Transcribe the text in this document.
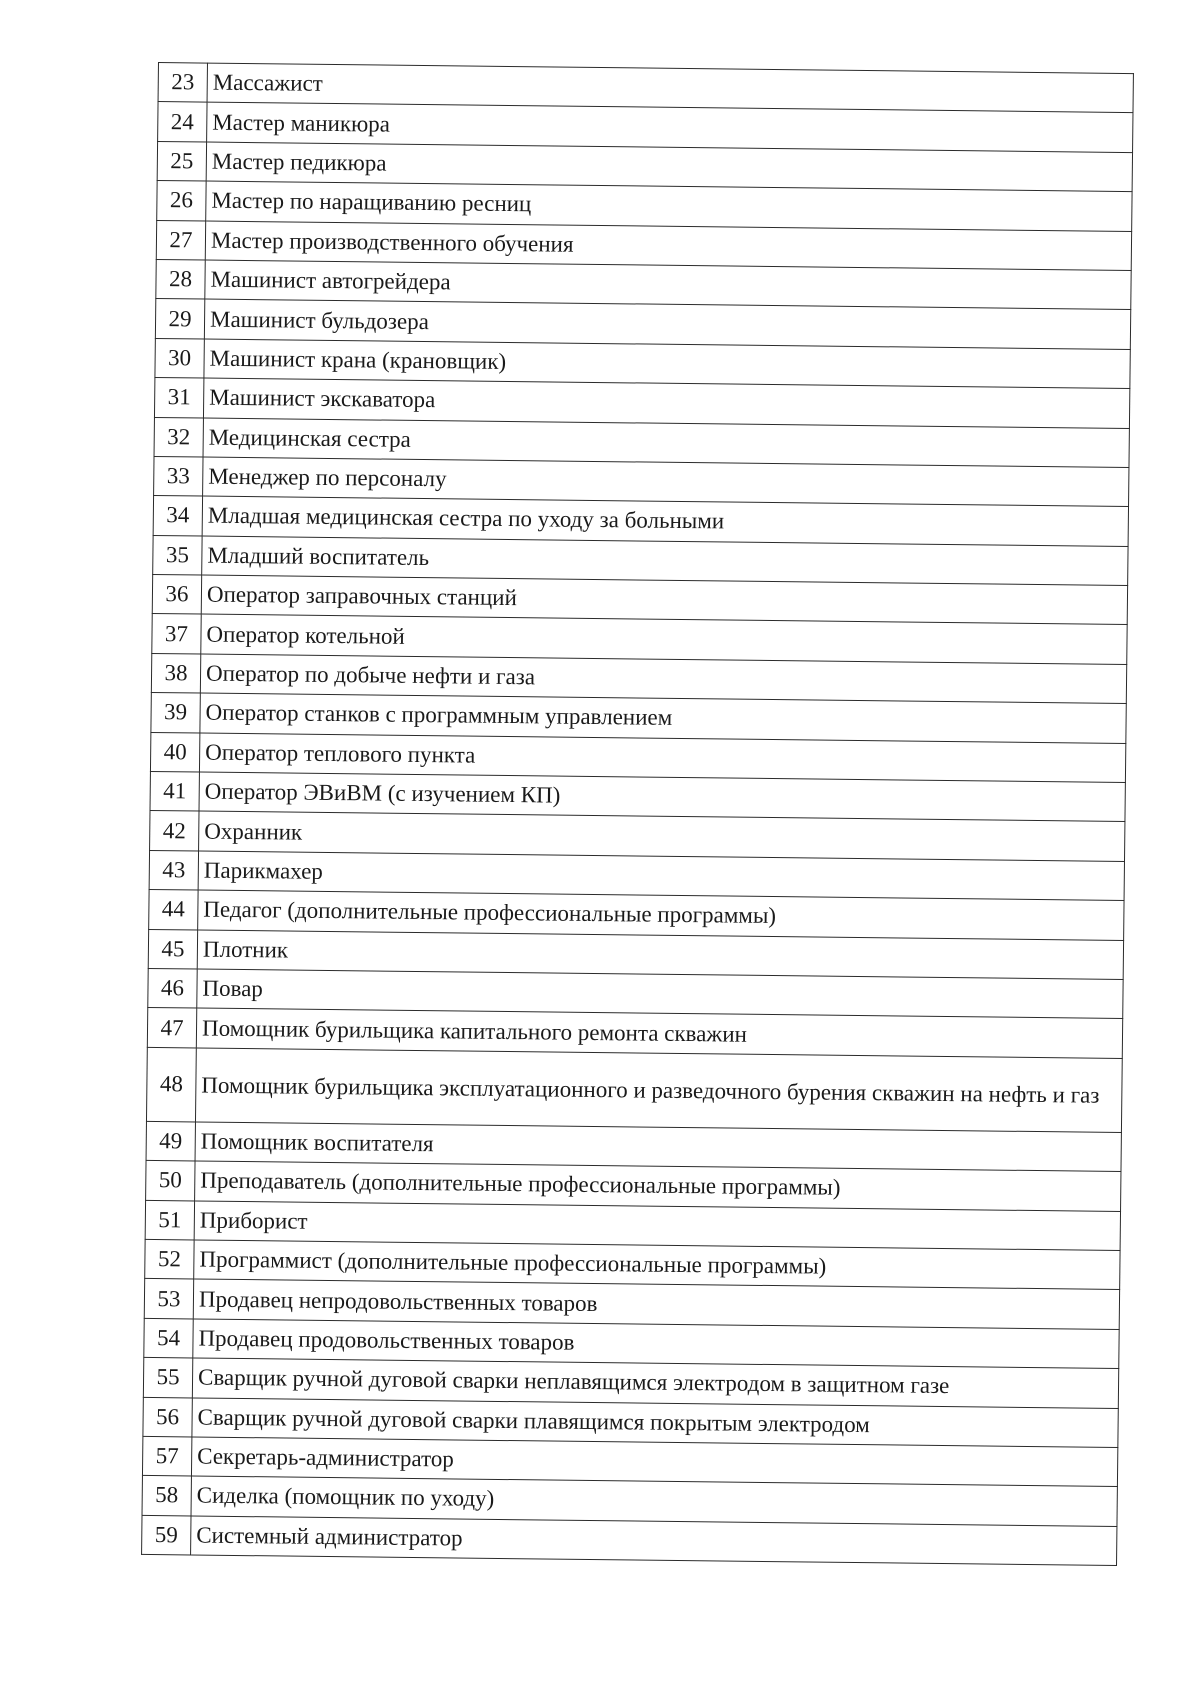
23	Массажист
24	Мастер маникюра
25	Мастер педикюра
26	Мастер по наращиванию ресниц
27	Мастер производственного обучения
28	Машинист автогрейдера
29	Машинист бульдозера
30	Машинист крана (крановщик)
31	Машинист экскаватора
32	Медицинская сестра
33	Менеджер по персоналу
34	Младшая медицинская сестра по уходу за больными
35	Младший воспитатель
36	Оператор заправочных станций
37	Оператор котельной
38	Оператор по добыче нефти и газа
39	Оператор станков с программным управлением
40	Оператор теплового пункта
41	Оператор ЭВиВМ (с изучением КП)
42	Охранник
43	Парикмахер
44	Педагог (дополнительные профессиональные программы)
45	Плотник
46	Повар
47	Помощник бурильщика капитального ремонта скважин
48	Помощник бурильщика эксплуатационного и разведочного бурения скважин на нефть и газ
49	Помощник воспитателя
50	Преподаватель (дополнительные профессиональные программы)
51	Приборист
52	Программист (дополнительные профессиональные программы)
53	Продавец непродовольственных товаров
54	Продавец продовольственных товаров
55	Сварщик ручной дуговой сварки неплавящимся электродом в защитном газе
56	Сварщик ручной дуговой сварки плавящимся покрытым электродом
57	Секретарь-администратор
58	Сиделка (помощник по уходу)
59	Системный администратор
